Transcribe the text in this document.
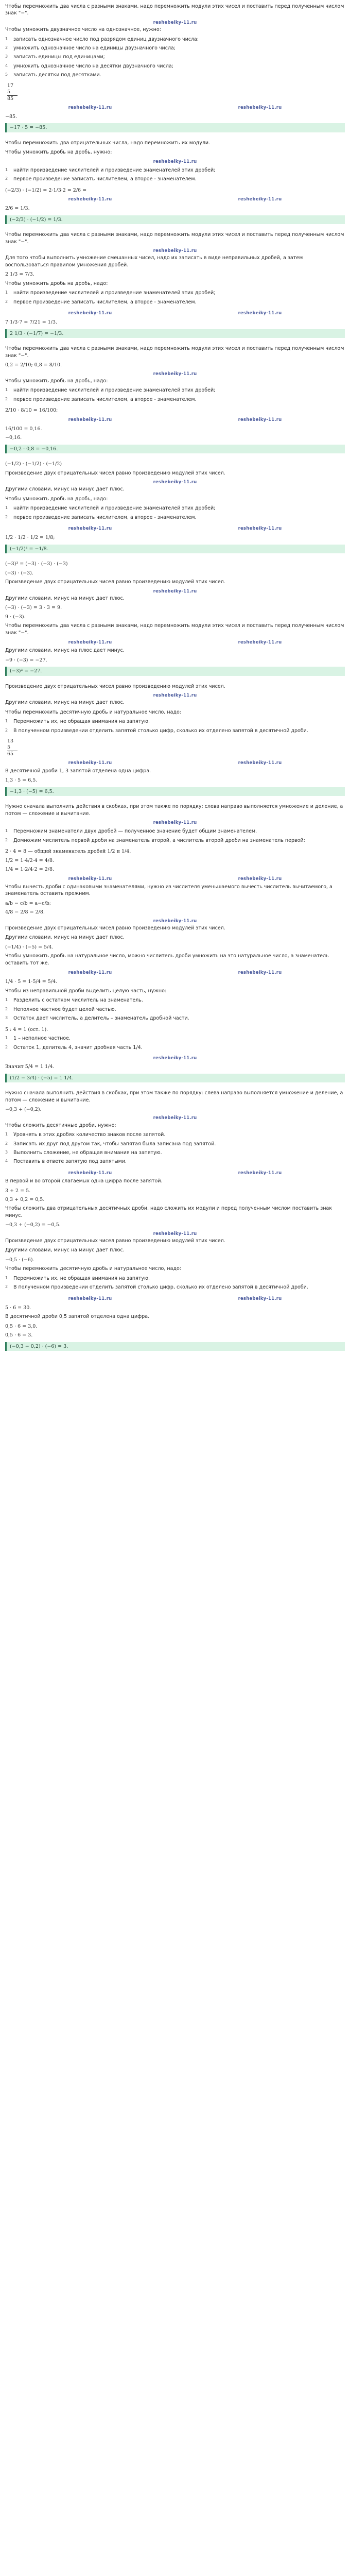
Чтобы перемножить два числа с разными знаками, надо перемножить модули этих чисел и поставить перед полученным числом знак "−".

reshebeiky-11.ru

Чтобы умножить двузначное число на однозначное, нужно:

записать однозначное число под разрядом единиц двузначного числа;
умножить однозначное число на единицы двузначного числа;
записать единицы под единицами;
умножить однозначное число на десятки двузначного числа;
записать десятки под десятками.
17
5
85
reshebeiky-11.ru	reshebeiky-11.ru
−85.
−17 · 5 = −85.

Чтобы перемножить два отрицательных числа, надо перемножить их модули.

Чтобы умножить дробь на дробь, нужно:

reshebeiky-11.ru
найти произведение числителей и произведение знаменателей этих дробей;
первое произведение записать числителем, а второе - знаменателем.
(−2/3) · (−1/2) = 2·1/3·2 = 2/6 =
reshebeiky-11.ru	reshebeiky-11.ru
2/6 = 1/3.
(−2/3) · (−1/2) = 1/3.

Чтобы перемножить два числа с разными знаками, надо перемножить модули этих чисел и поставить перед полученным числом знак "−".

reshebeiky-11.ru

Для того чтобы выполнить умножение смешанных чисел, надо их записать в виде неправильных дробей, а затем воспользоваться правилом умножения дробей.

2 1/3 = 7/3.

Чтобы умножить дробь на дробь, надо:

найти произведение числителей и произведение знаменателей этих дробей;
первое произведение записать числителем, а второе - знаменателем.
reshebeiky-11.ru	reshebeiky-11.ru
7·1/3·7 = 7/21 = 1/3.
2 1/3 · (−1/7) = −1/3.

Чтобы перемножить два числа с разными знаками, надо перемножить модули этих чисел и поставить перед полученным числом знак "−".

0,2 = 2/10; 0,8 = 8/10.
reshebeiky-11.ru

Чтобы умножить дробь на дробь, надо:

найти произведение числителей и произведение знаменателей этих дробей;
первое произведение записать числителем, а второе - знаменателем.
2/10 · 8/10 = 16/100;
reshebeiky-11.ru	reshebeiky-11.ru
16/100 = 0,16.
−0,16.
−0,2 · 0,8 = −0,16.
(−1/2) · (−1/2) · (−1/2)

Произведение двух отрицательных чисел равно произведению модулей этих чисел.

reshebeiky-11.ru

Другими словами, минус на минус дает плюс.

Чтобы умножить дробь на дробь, надо:

найти произведение числителей и произведение знаменателей этих дробей;
первое произведение записать числителем, а второе - знаменателем.
reshebeiky-11.ru	reshebeiky-11.ru
1/2 · 1/2 · 1/2 = 1/8;
(−1/2)³ = −1/8.
(−3)³ = (−3) · (−3) · (−3)
(−3) · (−3).

Произведение двух отрицательных чисел равно произведению модулей этих чисел.

reshebeiky-11.ru

Другими словами, минус на минус дает плюс.

(−3) · (−3) = 3 · 3 = 9.
9 · (−3).

Чтобы перемножить два числа с разными знаками, надо перемножить модули этих чисел и поставить перед полученным числом знак "−".

reshebeiky-11.ru	reshebeiky-11.ru

Другими словами, минус на плюс дает минус.

−9 · (−3) = −27.
(−3)³ = −27.

Произведение двух отрицательных чисел равно произведению модулей этих чисел.

reshebeiky-11.ru

Другими словами, минус на минус дает плюс.

Чтобы перемножить десятичную дробь и натуральное число, надо:

Перемножить их, не обращая внимания на запятую.
В полученном произведении отделить запятой столько цифр, сколько их отделено запятой в десятичной дроби.
13
5
65
reshebeiky-11.ru	reshebeiky-11.ru

В десятичной дроби 1, 3 запятой отделена одна цифра.

1,3 · 5 = 6,5.
−1,3 · (−5) = 6,5.

Нужно сначала выполнить действия в скобках, при этом также по порядку: слева направо выполняется умножение и деление, а потом — сложение и вычитание.

reshebeiky-11.ru
Перемножим знаменатели двух дробей — полученное значение будет общим знаменателем.
Домножим числитель первой дроби на знаменатель второй, а числитель второй дроби на знаменатель первой:
2 · 4 = 8 — общий знаменатель дробей 1/2 и 1/4.
1/2 = 1·4/2·4 = 4/8.
1/4 = 1·2/4·2 = 2/8.
reshebeiky-11.ru	reshebeiky-11.ru

Чтобы вычесть дроби с одинаковыми знаменателями, нужно из числителя уменьшаемого вычесть числитель вычитаемого, а знаменатель оставить прежним.

a/b − c/b = a−c/b;
4/8 − 2/8 = 2/8.
reshebeiky-11.ru

Произведение двух отрицательных чисел равно произведению модулей этих чисел.

Другими словами, минус на минус дает плюс.

(−1/4) · (−5) = 5/4.

Чтобы умножить дробь на натуральное число, можно числитель дроби умножить на это натуральное число, а знаменатель оставить тот же.

reshebeiky-11.ru	reshebeiky-11.ru
1/4 · 5 = 1·5/4 = 5/4.

Чтобы из неправильной дроби выделить целую часть, нужно:

Разделить с остатком числитель на знаменатель.
Неполное частное будет целой частью.
Остаток дает числитель, а делитель – знаменатель дробной части.
5 : 4 = 1 (ост. 1).
1 – неполное частное.
Остаток 1, делитель 4, значит дробная часть 1/4.
reshebeiky-11.ru
Значит 5/4 = 1 1/4.
(1/2 − 3/4) · (−5) = 1 1/4.

Нужно сначала выполнить действия в скобках, при этом также по порядку: слева направо выполняется умножение и деление, а потом — сложение и вычитание.

−0,3 + (−0,2).
reshebeiky-11.ru

Чтобы сложить десятичные дроби, нужно:

Уровнять в этих дробях количество знаков после запятой.
Записать их друг под другом так, чтобы запятая была записана под запятой.
Выполнить сложение, не обращая внимания на запятую.
Поставить в ответе запятую под запятыми.
reshebeiky-11.ru	reshebeiky-11.ru

В первой и во второй слагаемых одна цифра после запятой.

3 + 2 = 5.
0,3 + 0,2 = 0,5.

Чтобы сложить два отрицательных десятичных дроби, надо сложить их модули и перед полученным числом поставить знак минус.

−0,3 + (−0,2) = −0,5.
reshebeiky-11.ru

Произведение двух отрицательных чисел равно произведению модулей этих чисел.

Другими словами, минус на минус дает плюс.

−0,5 · (−6).

Чтобы перемножить десятичную дробь и натуральное число, надо:

Перемножить их, не обращая внимания на запятую.
В полученном произведении отделить запятой столько цифр, сколько их отделено запятой в десятичной дроби.
reshebeiky-11.ru	reshebeiky-11.ru
5 · 6 = 30.

В десятичной дроби 0,5 запятой отделена одна цифра.

0,5 · 6 = 3,0.
0,5 · 6 = 3.
(−0,3 − 0,2) · (−6) = 3.
